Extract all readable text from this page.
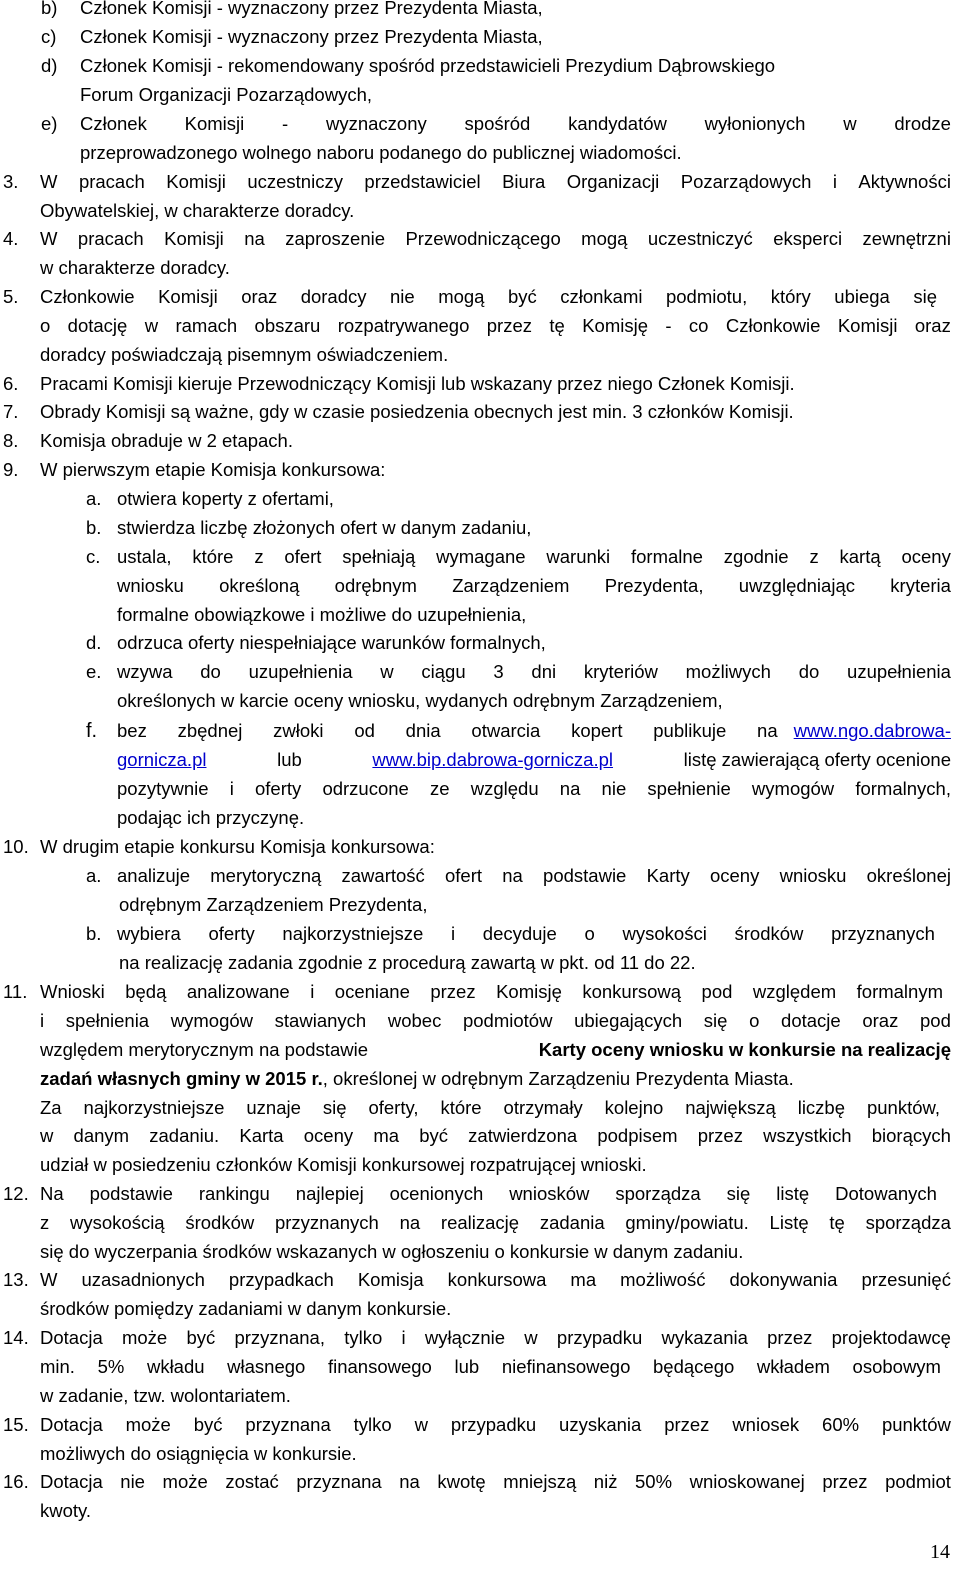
b) Członek Komisji - wyznaczony przez Prezydenta Miasta,
c) Członek Komisji - wyznaczony przez Prezydenta Miasta,
d) Członek Komisji - rekomendowany spośród przedstawicieli Prezydium Dąbrowskiego
Forum Organizacji Pozarządowych,
e) Członek Komisji - wyznaczony spośród kandydatów wyłonionych w drodze
przeprowadzonego wolnego naboru podanego do publicznej wiadomości.
3. W pracach Komisji uczestniczy przedstawiciel Biura Organizacji Pozarządowych i Aktywności
Obywatelskiej, w charakterze doradcy.
4. W pracach Komisji na zaproszenie Przewodniczącego mogą uczestniczyć eksperci zewnętrzni
w charakterze doradcy.
5. Członkowie Komisji oraz doradcy nie mogą być członkami podmiotu, który ubiega się
o dotację w ramach obszaru rozpatrywanego przez tę Komisję - co Członkowie Komisji oraz
doradcy poświadczają pisemnym oświadczeniem.
6. Pracami Komisji kieruje Przewodniczący Komisji lub wskazany przez niego Członek Komisji.
7. Obrady Komisji są ważne, gdy w czasie posiedzenia obecnych jest min. 3 członków Komisji.
8. Komisja obraduje w 2 etapach.
9. W pierwszym etapie Komisja konkursowa:
a. otwiera koperty z ofertami,
b. stwierdza liczbę złożonych ofert w danym zadaniu,
c. ustala, które z ofert spełniają wymagane warunki formalne zgodnie z kartą oceny
wniosku określoną odrębnym Zarządzeniem Prezydenta, uwzględniając kryteria
formalne obowiązkowe i możliwe do uzupełnienia,
d. odrzuca oferty niespełniające warunków formalnych,
e. wzywa do uzupełnienia w ciągu 3 dni kryteriów możliwych do uzupełnienia
określonych w karcie oceny wniosku, wydanych odrębnym Zarządzeniem,
f. bez zbędnej zwłoki od dnia otwarcia kopert publikuje na www.ngo.dabrowa-
gornicza.pl	lub	www.bip.dabrowa-gornicza.pl	listę zawierającą oferty ocenione
pozytywnie i oferty odrzucone ze względu na nie spełnienie wymogów formalnych,
podając ich przyczynę.
10. W drugim etapie konkursu Komisja konkursowa:
a. analizuje merytoryczną zawartość ofert na podstawie Karty oceny wniosku określonej
odrębnym Zarządzeniem Prezydenta,
b. wybiera oferty najkorzystniejsze i decyduje o wysokości środków przyznanych
na realizację zadania zgodnie z procedurą zawartą w pkt. od 11 do 22.
11. Wnioski będą analizowane i oceniane przez Komisję konkursową pod względem formalnym
i spełnienia wymogów stawianych wobec podmiotów ubiegających się o dotacje oraz pod
względem merytorycznym na podstawie	Karty oceny wniosku w konkursie na realizację
zadań własnych gminy w 2015 r., określonej w odrębnym Zarządzeniu Prezydenta Miasta.
Za najkorzystniejsze uznaje się oferty, które otrzymały kolejno największą liczbę punktów,
w danym zadaniu. Karta oceny ma być zatwierdzona podpisem przez wszystkich biorących
udział w posiedzeniu członków Komisji konkursowej rozpatrującej wnioski.
12. Na podstawie rankingu najlepiej ocenionych wniosków sporządza się listę Dotowanych
z wysokością środków przyznanych na realizację zadania gminy/powiatu. Listę tę sporządza
się do wyczerpania środków wskazanych w ogłoszeniu o konkursie w danym zadaniu.
13. W uzasadnionych przypadkach Komisja konkursowa ma możliwość dokonywania przesunięć
środków pomiędzy zadaniami w danym konkursie.
14. Dotacja może być przyznana, tylko i wyłącznie w przypadku wykazania przez projektodawcę
min. 5% wkładu własnego finansowego lub niefinansowego będącego wkładem osobowym
w zadanie, tzw. wolontariatem.
15. Dotacja może być przyznana tylko w przypadku uzyskania przez wniosek 60% punktów
możliwych do osiągnięcia w konkursie.
16. Dotacja nie może zostać przyznana na kwotę mniejszą niż 50% wnioskowanej przez podmiot
kwoty.
14
